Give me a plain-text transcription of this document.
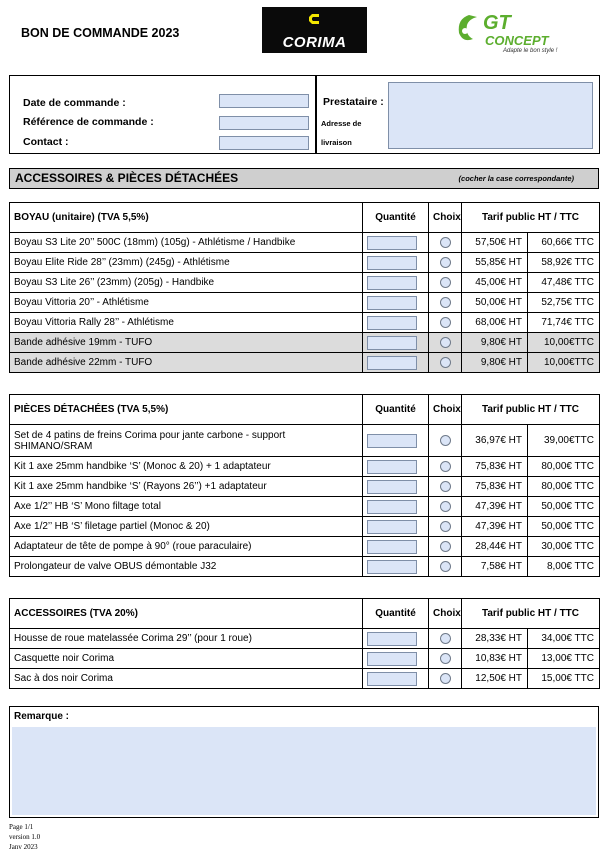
BON DE COMMANDE 2023
CORIMA
GT
CONCEPT
Adapte le bon style !
Date de commande :
Référence de commande :
Contact :
Prestataire :
Adresse de
livraison
ACCESSOIRES & PIÈCES DÉTACHÉES	(cocher la case correspondante)
BOYAU (unitaire) (TVA 5,5%)	Quantité	Choix	Tarif public HT / TTC	
Boyau S3 Lite 20’’ 500C (18mm) (105g) - Athlétisme / Handbike			57,50€ HT	60,66€ TTC
Boyau Elite Ride 28’’ (23mm) (245g) - Athlétisme			55,85€ HT	58,92€ TTC
Boyau S3 Lite 26’’ (23mm) (205g) - Handbike			45,00€ HT	47,48€ TTC
Boyau Vittoria 20’’ - Athlétisme			50,00€ HT	52,75€ TTC
Boyau Vittoria Rally 28’’ - Athlétisme			68,00€ HT	71,74€ TTC
Bande adhésive 19mm - TUFO			9,80€ HT	10,00€TTC
Bande adhésive 22mm - TUFO			9,80€ HT	10,00€TTC
PIÈCES DÉTACHÉES (TVA 5,5%)	Quantité	Choix	Tarif public HT / TTC	
Set de 4 patins de freins Corima pour jante carbone - support SHIMANO/SRAM			36,97€ HT	39,00€TTC
Kit 1 axe 25mm handbike ‘S’ (Monoc & 20) + 1 adaptateur			75,83€ HT	80,00€ TTC
Kit 1 axe 25mm handbike ‘S’ (Rayons 26’’) +1 adaptateur			75,83€ HT	80,00€ TTC
Axe 1/2’’ HB ‘S’ Mono filtage total			47,39€ HT	50,00€ TTC
Axe 1/2’’ HB ‘S’ filetage partiel (Monoc & 20)			47,39€ HT	50,00€ TTC
Adaptateur de tête de pompe à 90° (roue paraculaire)			28,44€ HT	30,00€ TTC
Prolongateur de valve OBUS démontable J32			7,58€ HT	8,00€ TTC
ACCESSOIRES (TVA 20%)	Quantité	Choix	Tarif public HT / TTC	
Housse de roue matelassée Corima 29’’ (pour 1 roue)			28,33€ HT	34,00€ TTC
Casquette noir Corima			10,83€ HT	13,00€ TTC
Sac à dos noir Corima			12,50€ HT	15,00€ TTC
Remarque :
Page 1/1
version 1.0
Janv 2023
